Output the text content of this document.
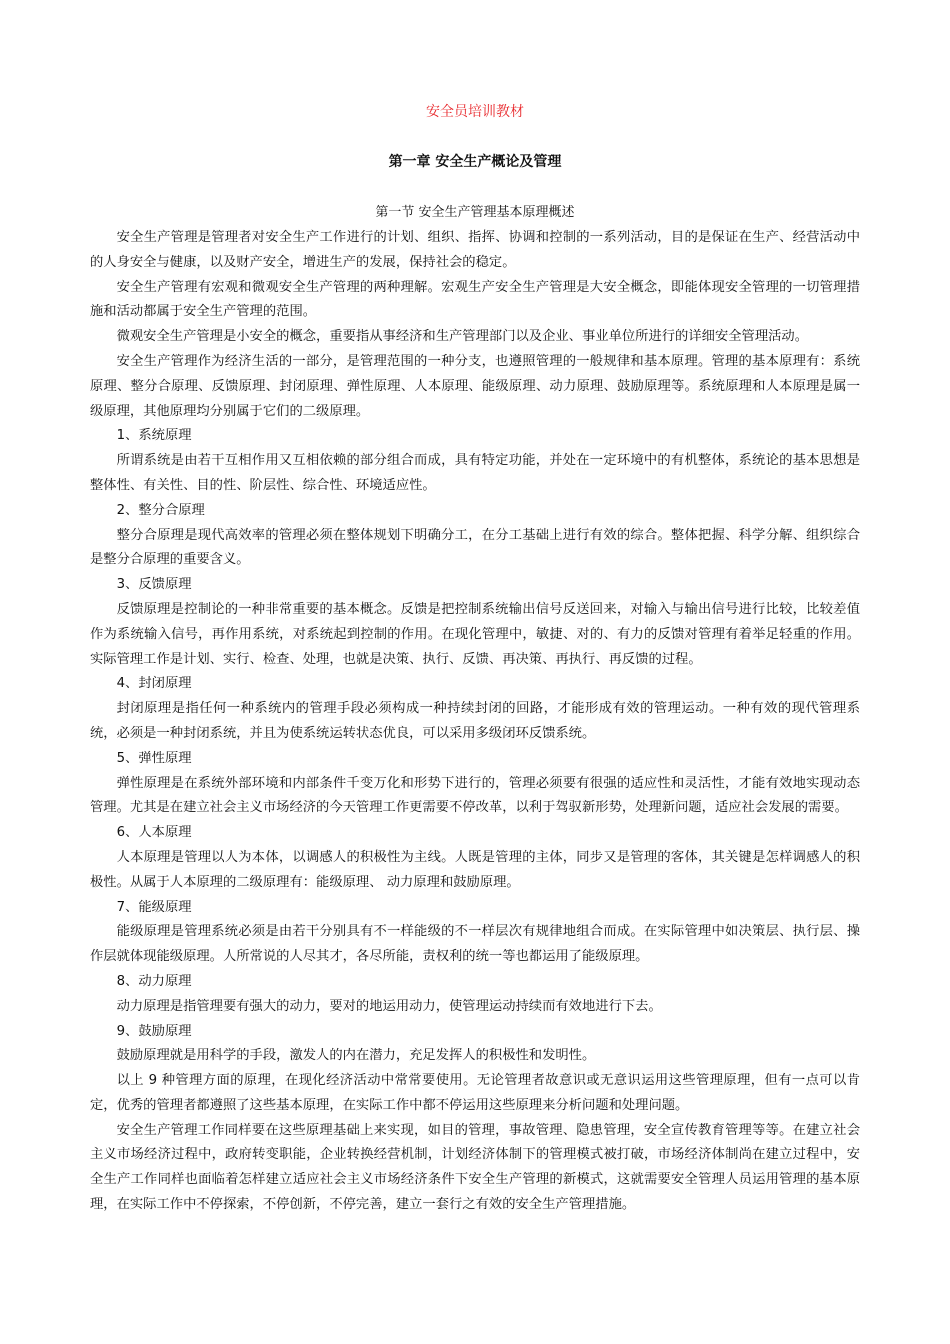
安全员培训教材
第一章 安全生产概论及管理
第一节 安全生产管理基本原理概述

安全生产管理是管理者对安全生产工作进行的计划、组织、指挥、协调和控制的一系列活动，目的是保证在生产、经营活动中的人身安全与健康，以及财产安全，增进生产的发展，保持社会的稳定。

安全生产管理有宏观和微观安全生产管理的两种理解。宏观生产安全生产管理是大安全概念，即能体现安全管理的一切管理措施和活动都属于安全生产管理的范围。

微观安全生产管理是小安全的概念，重要指从事经济和生产管理部门以及企业、事业单位所进行的详细安全管理活动。

安全生产管理作为经济生活的一部分，是管理范围的一种分支，也遵照管理的一般规律和基本原理。管理的基本原理有：系统原理、整分合原理、反馈原理、封闭原理、弹性原理、人本原理、能级原理、动力原理、鼓励原理等。系统原理和人本原理是属一级原理，其他原理均分别属于它们的二级原理。

1、系统原理

所谓系统是由若干互相作用又互相依赖的部分组合而成，具有特定功能，并处在一定环境中的有机整体，系统论的基本思想是整体性、有关性、目的性、阶层性、综合性、环境适应性。

2、整分合原理

整分合原理是现代高效率的管理必须在整体规划下明确分工，在分工基础上进行有效的综合。整体把握、科学分解、组织综合是整分合原理的重要含义。

3、反馈原理

反馈原理是控制论的一种非常重要的基本概念。反馈是把控制系统输出信号反送回来，对输入与输出信号进行比较，比较差值作为系统输入信号，再作用系统，对系统起到控制的作用。在现化管理中，敏捷、对的、有力的反馈对管理有着举足轻重的作用。实际管理工作是计划、实行、检查、处理，也就是决策、执行、反馈、再决策、再执行、再反馈的过程。

4、封闭原理

封闭原理是指任何一种系统内的管理手段必须构成一种持续封闭的回路，才能形成有效的管理运动。一种有效的现代管理系统，必须是一种封闭系统，并且为使系统运转状态优良，可以采用多级闭环反馈系统。

5、弹性原理

弹性原理是在系统外部环境和内部条件千变万化和形势下进行的，管理必须要有很强的适应性和灵活性，才能有效地实现动态管理。尤其是在建立社会主义市场经济的今天管理工作更需要不停改革，以利于驾驭新形势，处理新问题，适应社会发展的需要。

6、人本原理

人本原理是管理以人为本体，以调感人的积极性为主线。人既是管理的主体，同步又是管理的客体，其关键是怎样调感人的积极性。从属于人本原理的二级原理有：能级原理、 动力原理和鼓励原理。

7、能级原理

能级原理是管理系统必须是由若干分别具有不一样能级的不一样层次有规律地组合而成。在实际管理中如决策层、执行层、操作层就体现能级原理。人所常说的人尽其才，各尽所能，责权利的统一等也都运用了能级原理。

8、动力原理

动力原理是指管理要有强大的动力，要对的地运用动力，使管理运动持续而有效地进行下去。

9、鼓励原理

鼓励原理就是用科学的手段，激发人的内在潜力，充足发挥人的积极性和发明性。

以上 9 种管理方面的原理，在现化经济活动中常常要使用。无论管理者故意识或无意识运用这些管理原理，但有一点可以肯定，优秀的管理者都遵照了这些基本原理，在实际工作中都不停运用这些原理来分析问题和处理问题。

安全生产管理工作同样要在这些原理基础上来实现，如目的管理，事故管理、隐患管理，安全宣传教育管理等等。在建立社会主义市场经济过程中，政府转变职能，企业转换经营机制，计划经济体制下的管理模式被打破，市场经济体制尚在建立过程中，安全生产工作同样也面临着怎样建立适应社会主义市场经济条件下安全生产管理的新模式，这就需要安全管理人员运用管理的基本原理，在实际工作中不停探索，不停创新，不停完善，建立一套行之有效的安全生产管理措施。
